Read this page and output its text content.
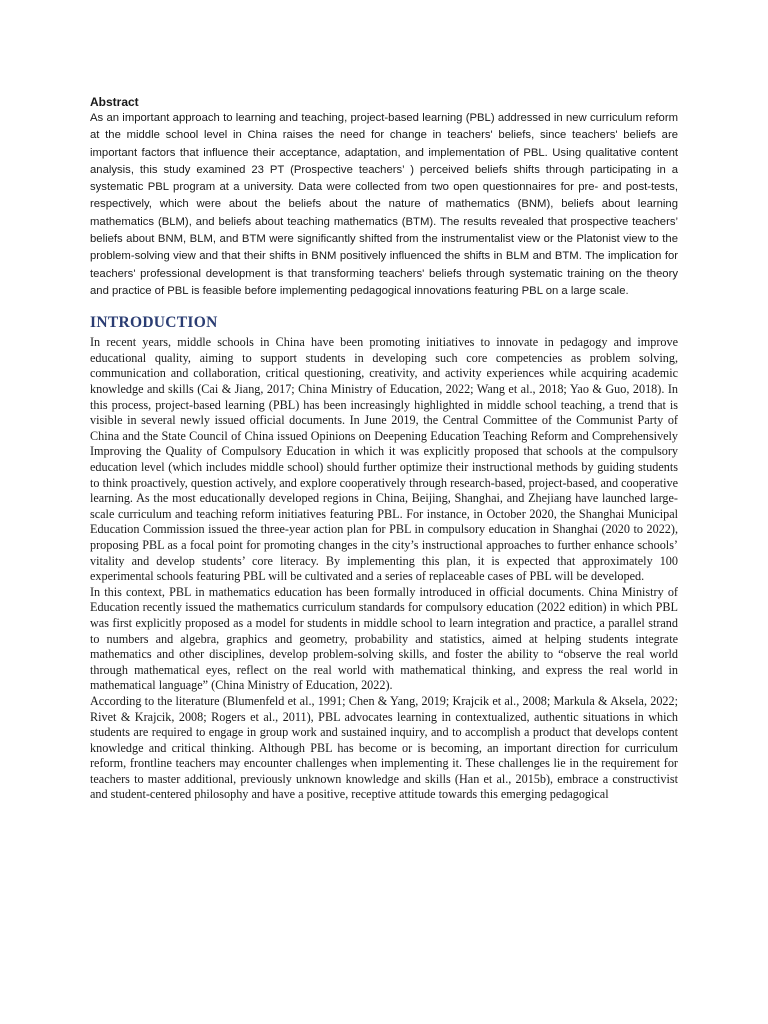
Abstract

As an important approach to learning and teaching, project-based learning (PBL) addressed in new curriculum reform at the middle school level in China raises the need for change in teachers' beliefs, since teachers' beliefs are important factors that influence their acceptance, adaptation, and implementation of PBL. Using qualitative content analysis, this study examined 23 PT (Prospective teachers’ ) perceived beliefs shifts through participating in a systematic PBL program at a university. Data were collected from two open questionnaires for pre- and post-tests, respectively, which were about the beliefs about the nature of mathematics (BNM), beliefs about learning mathematics (BLM), and beliefs about teaching mathematics (BTM). The results revealed that prospective teachers’ beliefs about BNM, BLM, and BTM were significantly shifted from the instrumentalist view or the Platonist view to the problem-solving view and that their shifts in BNM positively influenced the shifts in BLM and BTM. The implication for teachers' professional development is that transforming teachers' beliefs through systematic training on the theory and practice of PBL is feasible before implementing pedagogical innovations featuring PBL on a large scale.

INTRODUCTION

In recent years, middle schools in China have been promoting initiatives to innovate in pedagogy and improve educational quality, aiming to support students in developing such core competencies as problem solving, communication and collaboration, critical questioning, creativity, and activity experiences while acquiring academic knowledge and skills (Cai & Jiang, 2017; China Ministry of Education, 2022; Wang et al., 2018; Yao & Guo, 2018). In this process, project-based learning (PBL) has been increasingly highlighted in middle school teaching, a trend that is visible in several newly issued official documents. In June 2019, the Central Committee of the Communist Party of China and the State Council of China issued Opinions on Deepening Education Teaching Reform and Comprehensively Improving the Quality of Compulsory Education in which it was explicitly proposed that schools at the compulsory education level (which includes middle school) should further optimize their instructional methods by guiding students to think proactively, question actively, and explore cooperatively through research-based, project-based, and cooperative learning. As the most educationally developed regions in China, Beijing, Shanghai, and Zhejiang have launched large-scale curriculum and teaching reform initiatives featuring PBL. For instance, in October 2020, the Shanghai Municipal Education Commission issued the three-year action plan for PBL in compulsory education in Shanghai (2020 to 2022), proposing PBL as a focal point for promoting changes in the city’s instructional approaches to further enhance schools’ vitality and develop students’ core literacy. By implementing this plan, it is expected that approximately 100 experimental schools featuring PBL will be cultivated and a series of replaceable cases of PBL will be developed.

In this context, PBL in mathematics education has been formally introduced in official documents. China Ministry of Education recently issued the mathematics curriculum standards for compulsory education (2022 edition) in which PBL was first explicitly proposed as a model for students in middle school to learn integration and practice, a parallel strand to numbers and algebra, graphics and geometry, probability and statistics, aimed at helping students integrate mathematics and other disciplines, develop problem-solving skills, and foster the ability to “observe the real world through mathematical eyes, reflect on the real world with mathematical thinking, and express the real world in mathematical language” (China Ministry of Education, 2022).

According to the literature (Blumenfeld et al., 1991; Chen & Yang, 2019; Krajcik et al., 2008; Markula & Aksela, 2022; Rivet & Krajcik, 2008; Rogers et al., 2011), PBL advocates learning in contextualized, authentic situations in which students are required to engage in group work and sustained inquiry, and to accomplish a product that develops content knowledge and critical thinking. Although PBL has become or is becoming, an important direction for curriculum reform, frontline teachers may encounter challenges when implementing it. These challenges lie in the requirement for teachers to master additional, previously unknown knowledge and skills (Han et al., 2015b), embrace a constructivist and student-centered philosophy and have a positive, receptive attitude towards this emerging pedagogical
